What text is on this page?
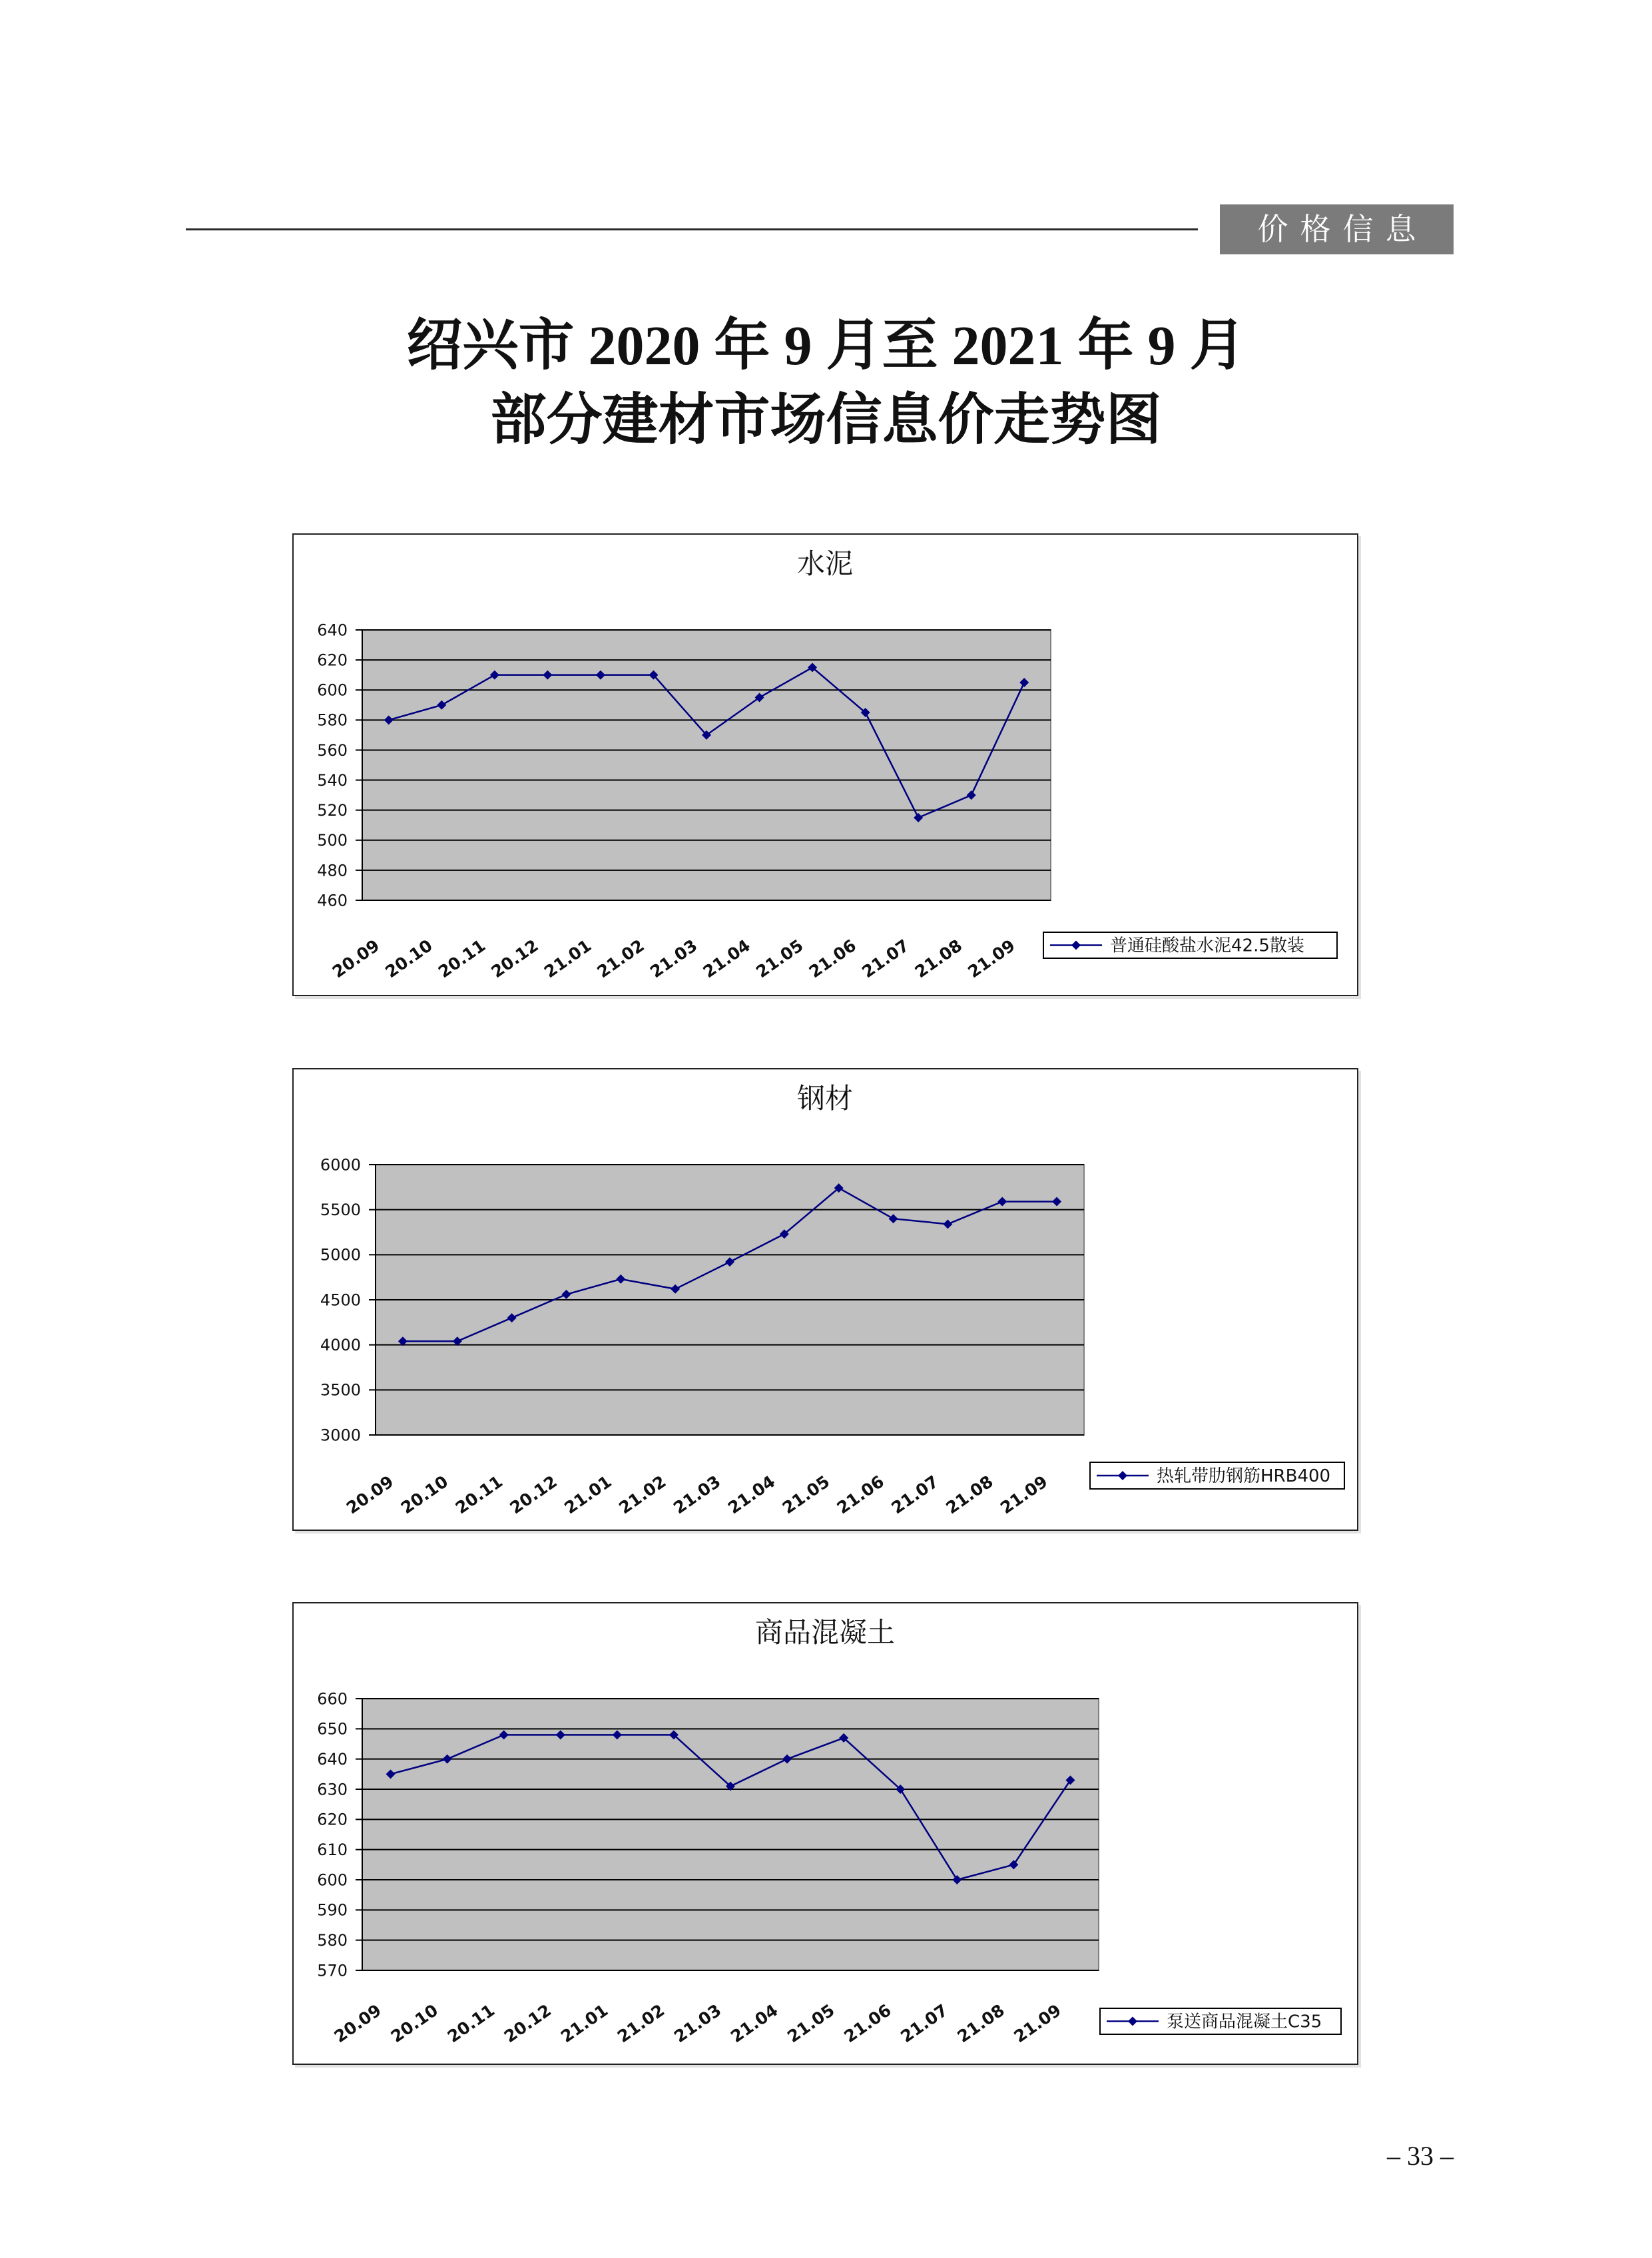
价格信息
绍兴市 2020 年 9 月至 2021 年 9 月
部分建材市场信息价走势图
水泥
640
620
600
580
560
540
520
500
480
460
20.09
20.10
20.11
20.12
21.01
21.02
21.03
21.04
21.05
21.06
21.07
21.08
21.09	普通硅酸盐水泥42.5散装
钢材
6000
5500
5000
4500
4000
3500
3000
20.09 20.10 20.11 20.12 21.01 21.02 21.03 21.04 21.05 21.06 21.07 21.08 21.09	热轧带肋钢筋HRB400
商品混凝土
660
650
640
630
620
610
600
590
580
570
20.09 20.10 20.11 20.12 21.01 21.02 21.03 21.04 21.05 21.06 21.07 21.08 21.09	泵送商品混凝土C35
– 33 –
